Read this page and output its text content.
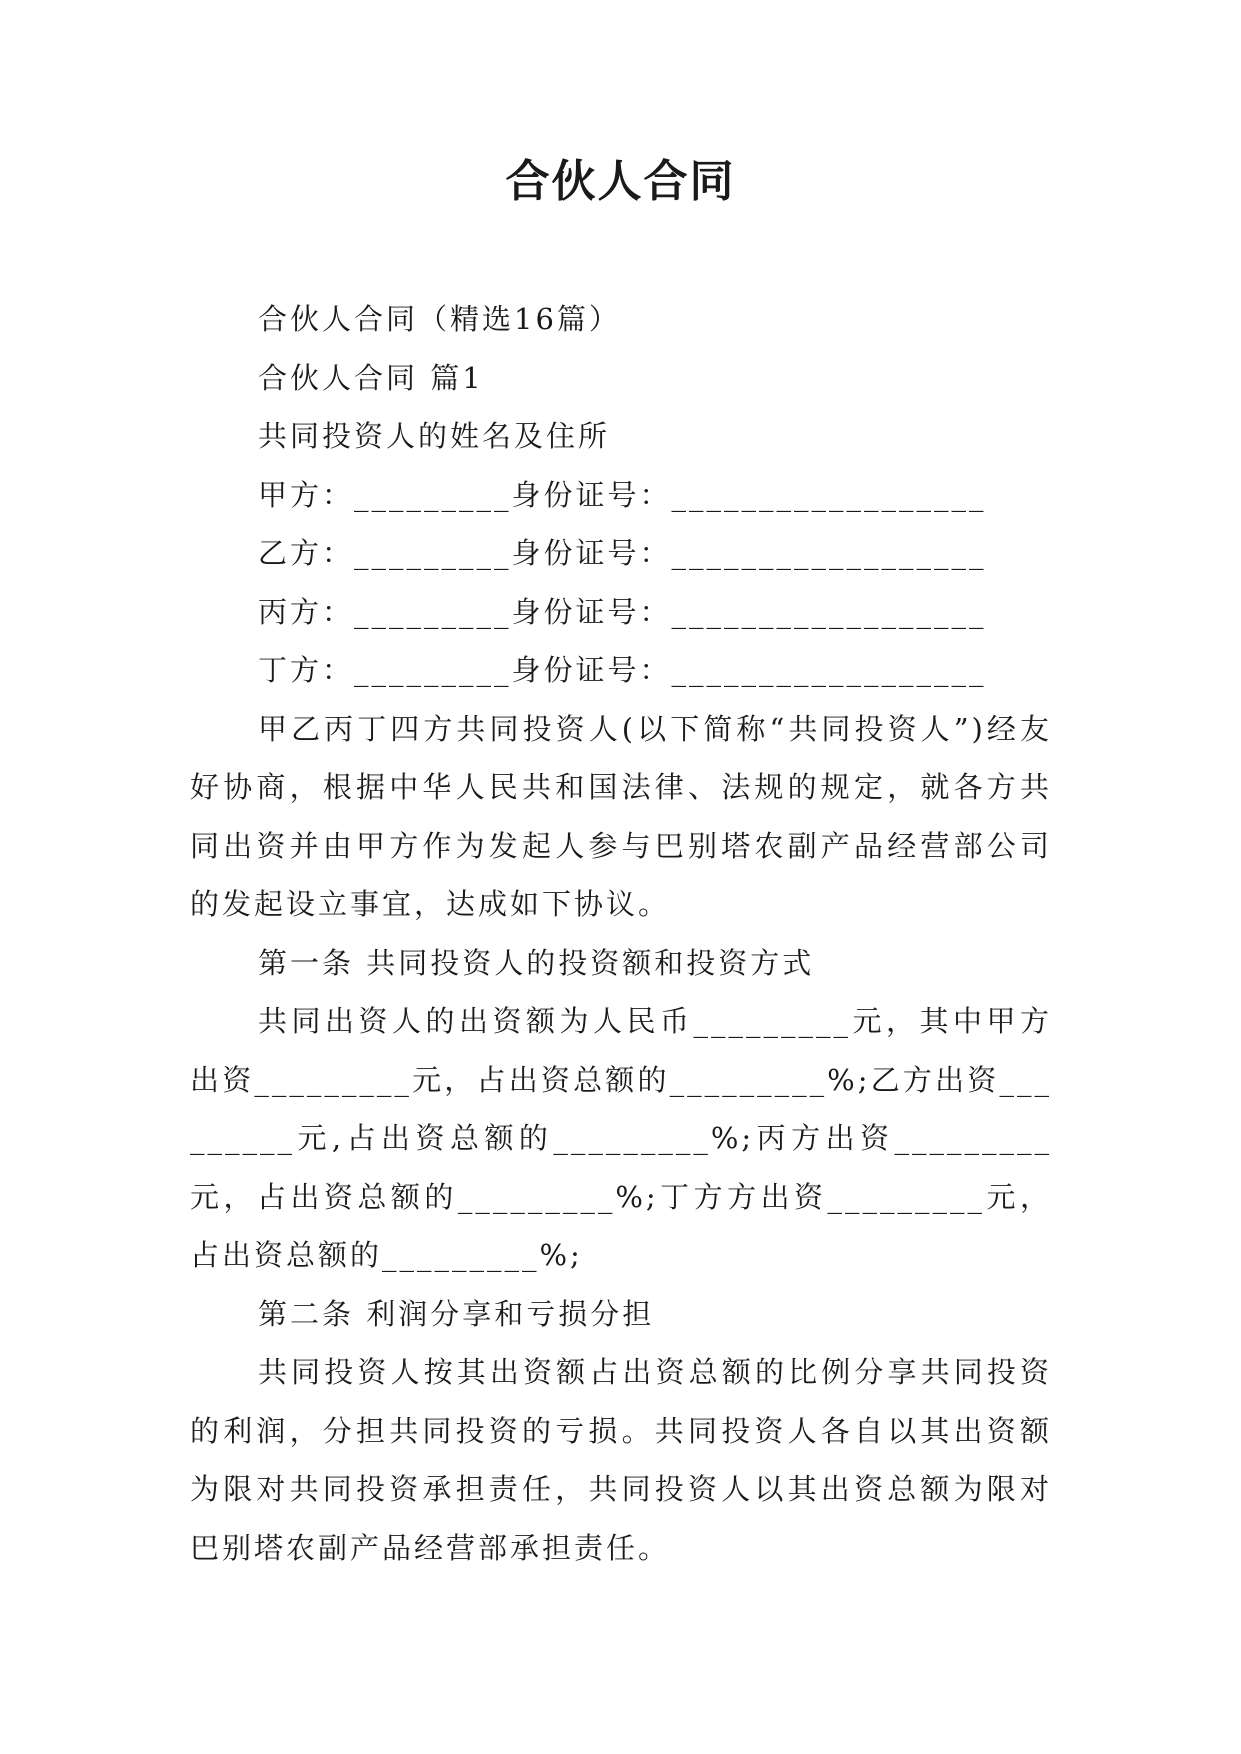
合伙人合同

合伙人合同（精选16篇）

合伙人合同 篇1

共同投资人的姓名及住所

甲方：_________身份证号：__________________

乙方：_________身份证号：__________________

丙方：_________身份证号：__________________

丁方：_________身份证号：__________________

甲乙丙丁四方共同投资人(以下简称“共同投资人”)经友好协商，根据中华人民共和国法律、法规的规定，就各方共同出资并由甲方作为发起人参与巴别塔农副产品经营部公司的发起设立事宜，达成如下协议。

第一条 共同投资人的投资额和投资方式

共同出资人的出资额为人民币_________元，其中甲方出资_________元，占出资总额的_________%;乙方出资_________元,占出资总额的_________%;丙方出资_________元，占出资总额的_________%;丁方方出资_________元，占出资总额的_________%;

第二条 利润分享和亏损分担

共同投资人按其出资额占出资总额的比例分享共同投资的利润，分担共同投资的亏损。共同投资人各自以其出资额为限对共同投资承担责任，共同投资人以其出资总额为限对巴别塔农副产品经营部承担责任。
